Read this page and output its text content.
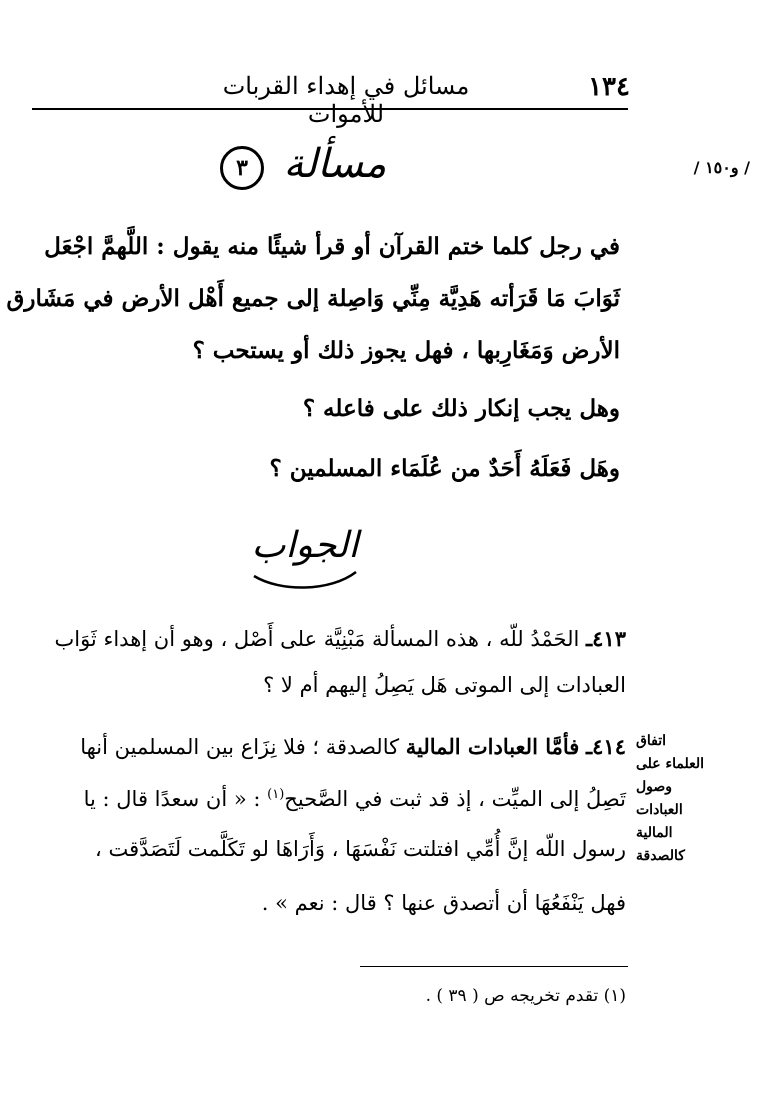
١٣٤
مسائل في إهداء القربات للأموات
/ و١٥٠ /
٣ مسألة
في رجل كلما ختم القرآن أو قرأ شيئًا منه يقول : اللَّهمَّ اجْعَل
ثَوَابَ مَا قَرَأته هَدِيَّة مِنِّي وَاصِلة إلى جميع أَهْل الأرض في مَشَارق
الأرض وَمَغَارِبها ، فهل يجوز ذلك أو يستحب ؟
وهل يجب إنكار ذلك على فاعله ؟
وهَل فَعَلَهُ أَحَدٌ من عُلَمَاء المسلمين ؟
الجواب
٤١٣ـ الحَمْدُ للّه ، هذه المسألة مَبْنِيَّة على أَصْل ، وهو أن إهداء ثَوَاب
العبادات إلى الموتى هَل يَصِلُ إليهم أم لا ؟
٤١٤ـ فأمَّا العبادات المالية كالصدقة ؛ فلا نِزَاع بين المسلمين أنها
تَصِلُ إلى الميِّت ، إذ قد ثبت في الصَّحيح$^{(١)}$ : « أن سعدًا قال : يا
رسول اللّه إنَّ أُمِّي افتلتت نَفْسَهَا ، وَأَرَاهَا لو تَكَلَّمت لَتَصَدَّقت ،
فهل يَنْفَعُهَا أن أتصدق عنها ؟ قال : نعم » .
اتفاق
العلماء على
وصول
العبادات
المالية
كالصدقة
(١) تقدم تخريجه ص ( ٣٩ ) .
